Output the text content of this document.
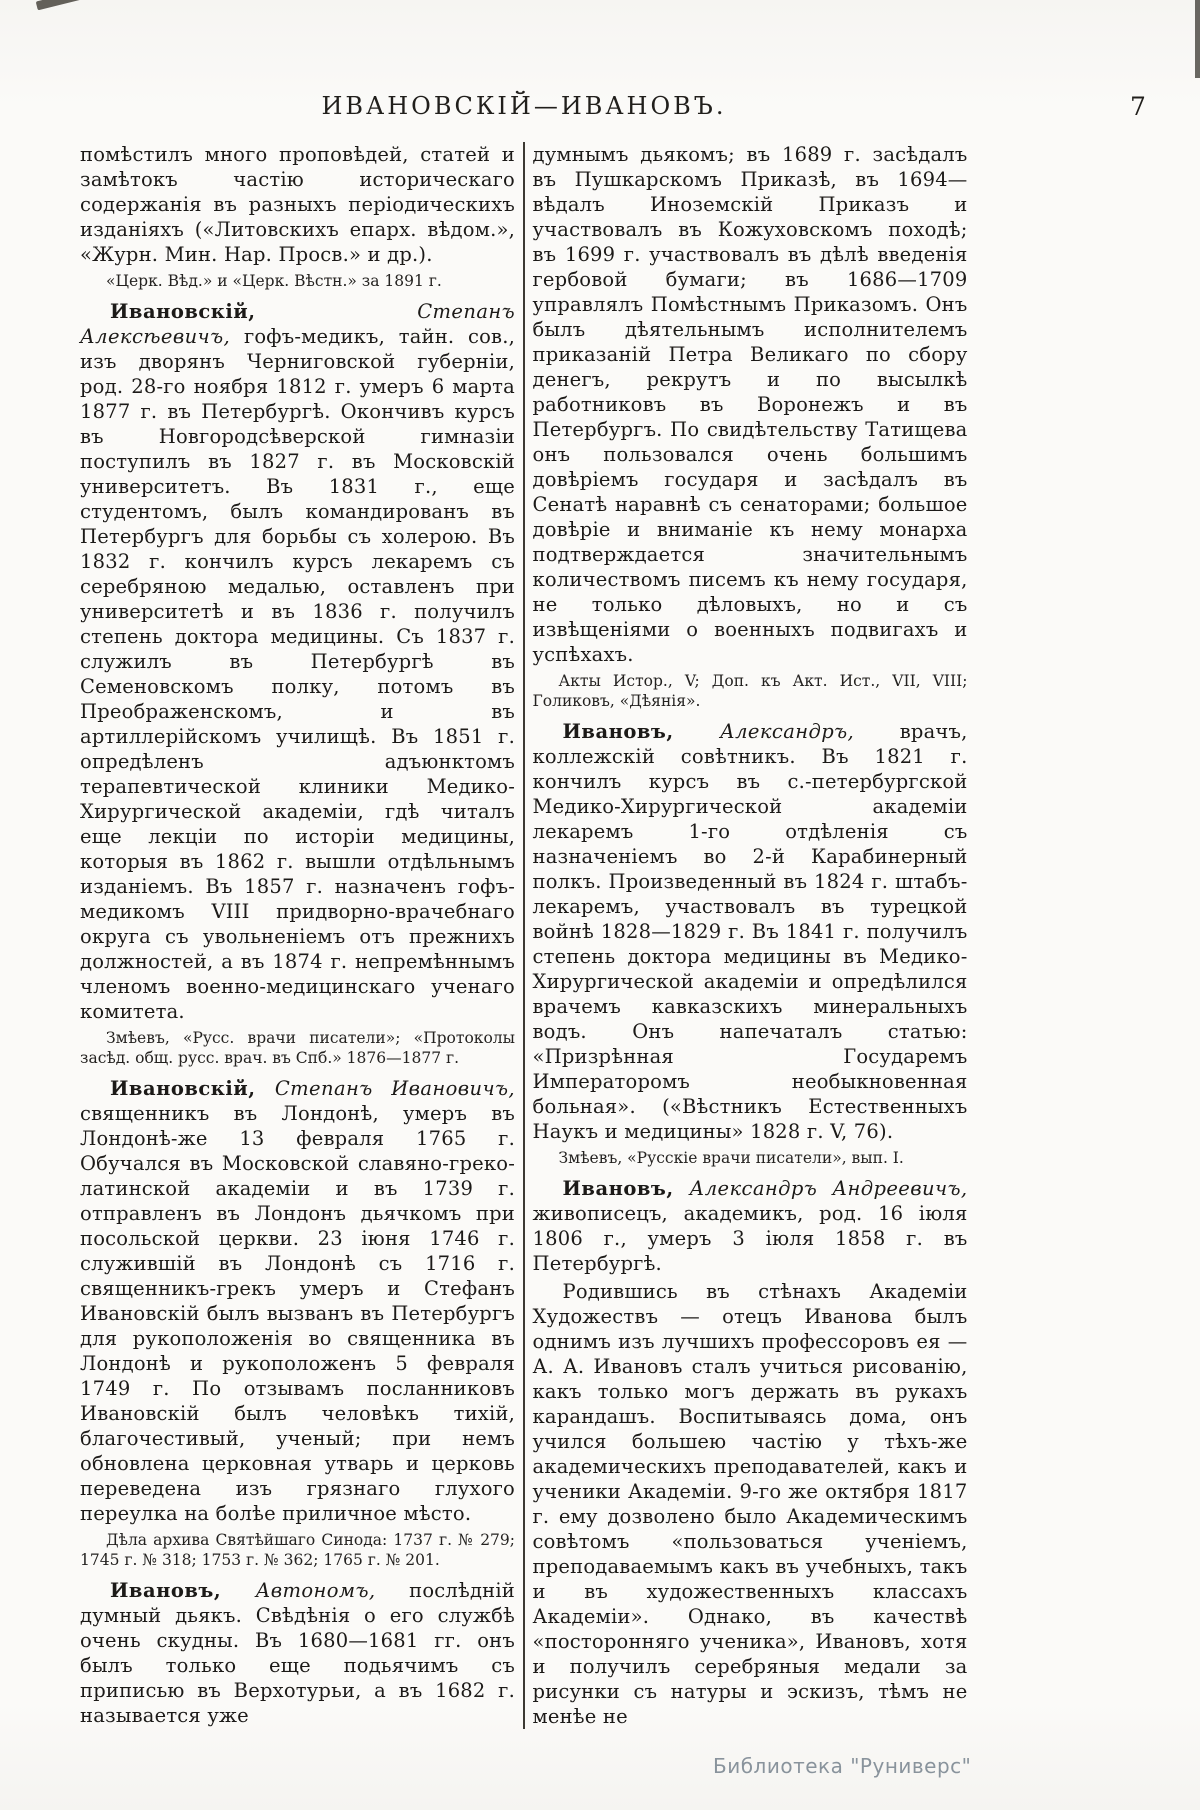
ИВАНОВСКІЙ—ИВАНОВЪ.	7

помѣстилъ много проповѣдей, статей и замѣтокъ частію историческаго содержанія въ разныхъ періодическихъ изданіяхъ («Литовскихъ епарх. вѣдом.», «Журн. Мин. Нар. Просв.» и др.).

«Церк. Вѣд.» и «Церк. Вѣстн.» за 1891 г.

Ивановскій, Степанъ Алексѣевичъ, гофъ-медикъ, тайн. сов., изъ дворянъ Черниговской губерніи, род. 28-го ноября 1812 г. умеръ 6 марта 1877 г. въ Петербургѣ. Окончивъ курсъ въ Новгородсѣверской гимназіи поступилъ въ 1827 г. въ Московскій университетъ. Въ 1831 г., еще студентомъ, былъ командированъ въ Петербургъ для борьбы съ холерою. Въ 1832 г. кончилъ курсъ лекаремъ съ серебряною медалью, оставленъ при университетѣ и въ 1836 г. получилъ степень доктора медицины. Съ 1837 г. служилъ въ Петербургѣ въ Семеновскомъ полку, потомъ въ Преображенскомъ, и въ артиллерійскомъ училищѣ. Въ 1851 г. опредѣленъ адъюнктомъ терапевтической клиники Медико-Хирургической академіи, гдѣ читалъ еще лекціи по исторіи медицины, которыя въ 1862 г. вышли отдѣльнымъ изданіемъ. Въ 1857 г. назначенъ гофъ-медикомъ VIII придворно-врачебнаго округа съ увольненіемъ отъ прежнихъ должностей, а въ 1874 г. непремѣннымъ членомъ военно-медицинскаго ученаго комитета.

Змѣевъ, «Русс. врачи писатели»; «Протоколы засѣд. общ. русс. врач. въ Спб.» 1876—1877 г.

Ивановскій, Степанъ Ивановичъ, священникъ въ Лондонѣ, умеръ въ Лондонѣ-же 13 февраля 1765 г. Обучался въ Московской славяно-греко-латинской академіи и въ 1739 г. отправленъ въ Лондонъ дьячкомъ при посольской церкви. 23 іюня 1746 г. служившій въ Лондонѣ съ 1716 г. священникъ-грекъ умеръ и Стефанъ Ивановскій былъ вызванъ въ Петербургъ для рукоположенія во священника въ Лондонѣ и рукоположенъ 5 февраля 1749 г. По отзывамъ посланниковъ Ивановскій былъ человѣкъ тихій, благочестивый, ученый; при немъ обновлена церковная утварь и церковь переведена изъ грязнаго глухого переулка на болѣе приличное мѣсто.

Дѣла архива Святѣйшаго Синода: 1737 г. № 279; 1745 г. № 318; 1753 г. № 362; 1765 г. № 201.

Ивановъ, Автономъ, послѣдній думный дьякъ. Свѣдѣнія о его службѣ очень скудны. Въ 1680—1681 гг. онъ былъ только еще подьячимъ съ приписью въ Верхотурьи, а въ 1682 г. называется уже

думнымъ дьякомъ; въ 1689 г. засѣдалъ въ Пушкарскомъ Приказѣ, въ 1694—вѣдалъ Иноземскій Приказъ и участвовалъ въ Кожуховскомъ походѣ; въ 1699 г. участвовалъ въ дѣлѣ введенія гербовой бумаги; въ 1686—1709 управлялъ Помѣстнымъ Приказомъ. Онъ былъ дѣятельнымъ исполнителемъ приказаній Петра Великаго по сбору денегъ, рекрутъ и по высылкѣ работниковъ въ Воронежъ и въ Петербургъ. По свидѣтельству Татищева онъ пользовался очень большимъ довѣріемъ государя и засѣдалъ въ Сенатѣ наравнѣ съ сенаторами; большое довѣріе и вниманіе къ нему монарха подтверждается значительнымъ количествомъ писемъ къ нему государя, не только дѣловыхъ, но и съ извѣщеніями о военныхъ подвигахъ и успѣхахъ.

Акты Истор., V; Доп. къ Акт. Ист., VII, VIII; Голиковъ, «Дѣянія».

Ивановъ, Александръ, врачъ, коллежскій совѣтникъ. Въ 1821 г. кончилъ курсъ въ с.-петербургской Медико-Хирургической академіи лекаремъ 1-го отдѣленія съ назначеніемъ во 2-й Карабинерный полкъ. Произведенный въ 1824 г. штабъ-лекаремъ, участвовалъ въ турецкой войнѣ 1828—1829 г. Въ 1841 г. получилъ степень доктора медицины въ Медико-Хирургической академіи и опредѣлился врачемъ кавказскихъ минеральныхъ водъ. Онъ напечаталъ статью: «Призрѣнная Государемъ Императоромъ необыкновенная больная». («Вѣстникъ Естественныхъ Наукъ и медицины» 1828 г. V, 76).

Змѣевъ, «Русскіе врачи писатели», вып. I.

Ивановъ, Александръ Андреевичъ, живописецъ, академикъ, род. 16 іюля 1806 г., умеръ 3 іюля 1858 г. въ Петербургѣ.

Родившись въ стѣнахъ Академіи Художествъ — отецъ Иванова былъ однимъ изъ лучшихъ профессоровъ ея — А. А. Ивановъ сталъ учиться рисованію, какъ только могъ держать въ рукахъ карандашъ. Воспитываясь дома, онъ учился большею частію у тѣхъ-же академическихъ преподавателей, какъ и ученики Академіи. 9-го же октября 1817 г. ему дозволено было Академическимъ совѣтомъ «пользоваться ученіемъ, преподаваемымъ какъ въ учебныхъ, такъ и въ художественныхъ классахъ Академіи». Однако, въ качествѣ «посторонняго ученика», Ивановъ, хотя и получилъ серебряныя медали за рисунки съ натуры и эскизъ, тѣмъ не менѣе не

Библиотека "Руниверс"
